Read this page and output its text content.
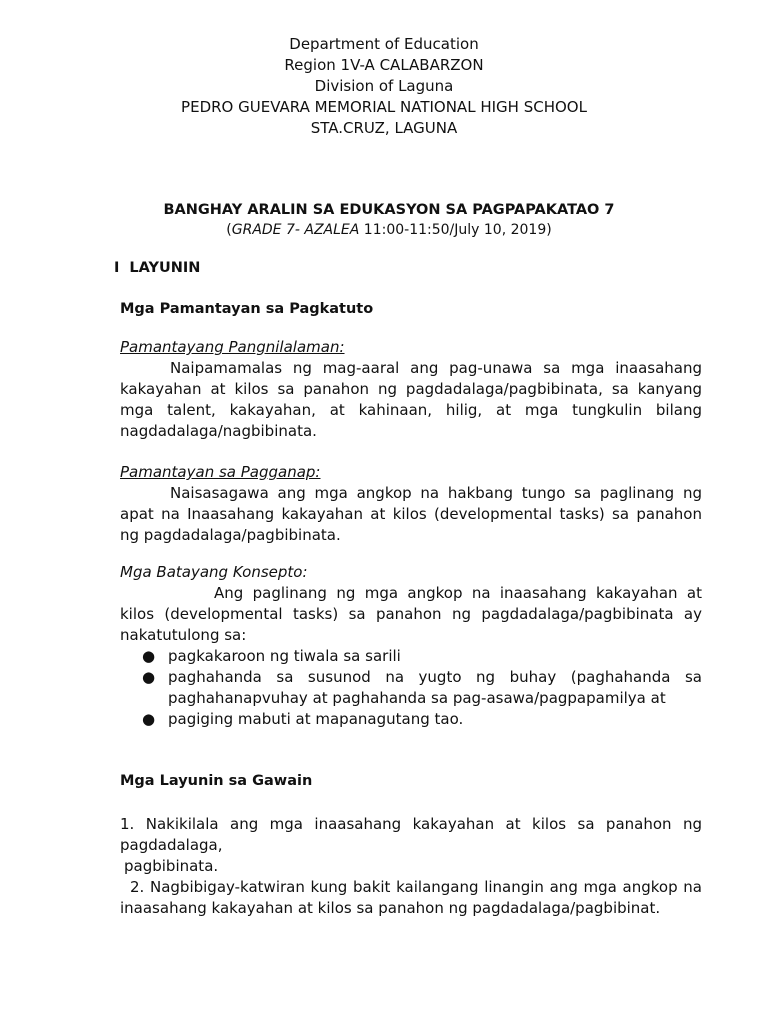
Department of Education
Region 1V-A CALABARZON
Division of Laguna
PEDRO GUEVARA MEMORIAL NATIONAL HIGH SCHOOL
STA.CRUZ, LAGUNA
BANGHAY ARALIN SA EDUKASYON SA PAGPAPAKATAO 7
(GRADE 7- AZALEA 11:00-11:50/July 10, 2019)
I LAYUNIN
Mga Pamantayan sa Pagkatuto
Pamantayang Pangnilalaman:
Naipamamalas ng mag-aaral ang pag-unawa sa mga inaasahang kakayahan at kilos sa panahon ng pagdadalaga/pagbibinata, sa kanyang mga talent, kakayahan, at kahinaan, hilig, at mga tungkulin bilang nagdadalaga/nagbibinata.
Pamantayan sa Pagganap:
Naisasagawa ang mga angkop na hakbang tungo sa paglinang ng apat na Inaasahang kakayahan at kilos (developmental tasks) sa panahon ng pagdadalaga/pagbibinata.
Mga Batayang Konsepto:
Ang paglinang ng mga angkop na inaasahang kakayahan at kilos (developmental tasks) sa panahon ng pagdadalaga/pagbibinata ay nakatutulong sa:
● pagkakaroon ng tiwala sa sarili
● paghahanda sa susunod na yugto ng buhay (paghahanda sa paghahanapvuhay at paghahanda sa pag-asawa/pagpapamilya at
● pagiging mabuti at mapanagutang tao.
Mga Layunin sa Gawain
1. Nakikilala ang mga inaasahang kakayahan at kilos sa panahon ng pagdadalaga,
pagbibinata.
2. Nagbibigay-katwiran kung bakit kailangang linangin ang mga angkop na inaasahang kakayahan at kilos sa panahon ng pagdadalaga/pagbibinat.
